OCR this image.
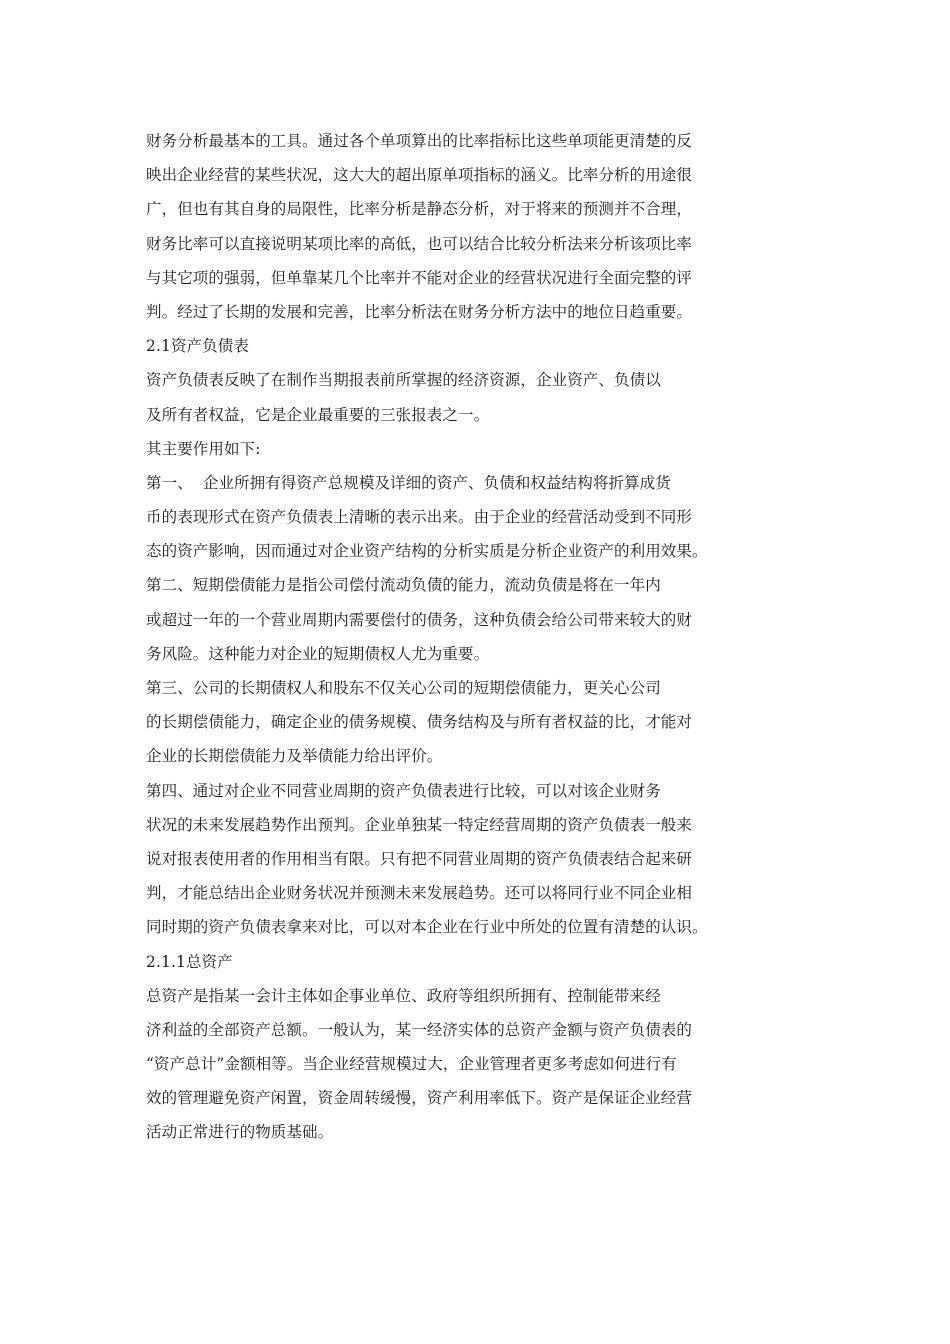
财务分析最基本的工具。通过各个单项算出的比率指标比这些单项能更清楚的反
映出企业经营的某些状况，这大大的超出原单项指标的涵义。比率分析的用途很
广，但也有其自身的局限性，比率分析是静态分析，对于将来的预测并不合理，
财务比率可以直接说明某项比率的高低，也可以结合比较分析法来分析该项比率
与其它项的强弱，但单靠某几个比率并不能对企业的经营状况进行全面完整的评
判。经过了长期的发展和完善，比率分析法在财务分析方法中的地位日趋重要。
2.1资产负债表
资产负债表反映了在制作当期报表前所掌握的经济资源，企业资产、负债以
及所有者权益，它是企业最重要的三张报表之一。
其主要作用如下:
第一、  企业所拥有得资产总规模及详细的资产、负债和权益结构将折算成货
币的表现形式在资产负债表上清晰的表示出来。由于企业的经营活动受到不同形
态的资产影响，因而通过对企业资产结构的分析实质是分析企业资产的利用效果。
第二、短期偿债能力是指公司偿付流动负债的能力，流动负债是将在一年内
或超过一年的一个营业周期内需要偿付的债务，这种负债会给公司带来较大的财
务风险。这种能力对企业的短期债权人尤为重要。
第三、公司的长期债权人和股东不仅关心公司的短期偿债能力，更关心公司
的长期偿债能力，确定企业的债务规模、债务结构及与所有者权益的比，才能对
企业的长期偿债能力及举债能力给出评价。
第四、通过对企业不同营业周期的资产负债表进行比较，可以对该企业财务
状况的未来发展趋势作出预判。企业单独某一特定经营周期的资产负债表一般来
说对报表使用者的作用相当有限。只有把不同营业周期的资产负债表结合起来研
判，才能总结出企业财务状况并预测未来发展趋势。还可以将同行业不同企业相
同时期的资产负债表拿来对比，可以对本企业在行业中所处的位置有清楚的认识。
2.1.1总资产
总资产是指某一会计主体如企事业单位、政府等组织所拥有、控制能带来经
济利益的全部资产总额。一般认为，某一经济实体的总资产金额与资产负债表的
“资产总计”金额相等。当企业经营规模过大，企业管理者更多考虑如何进行有
效的管理避免资产闲置，资金周转缓慢，资产利用率低下。资产是保证企业经营
活动正常进行的物质基础。
